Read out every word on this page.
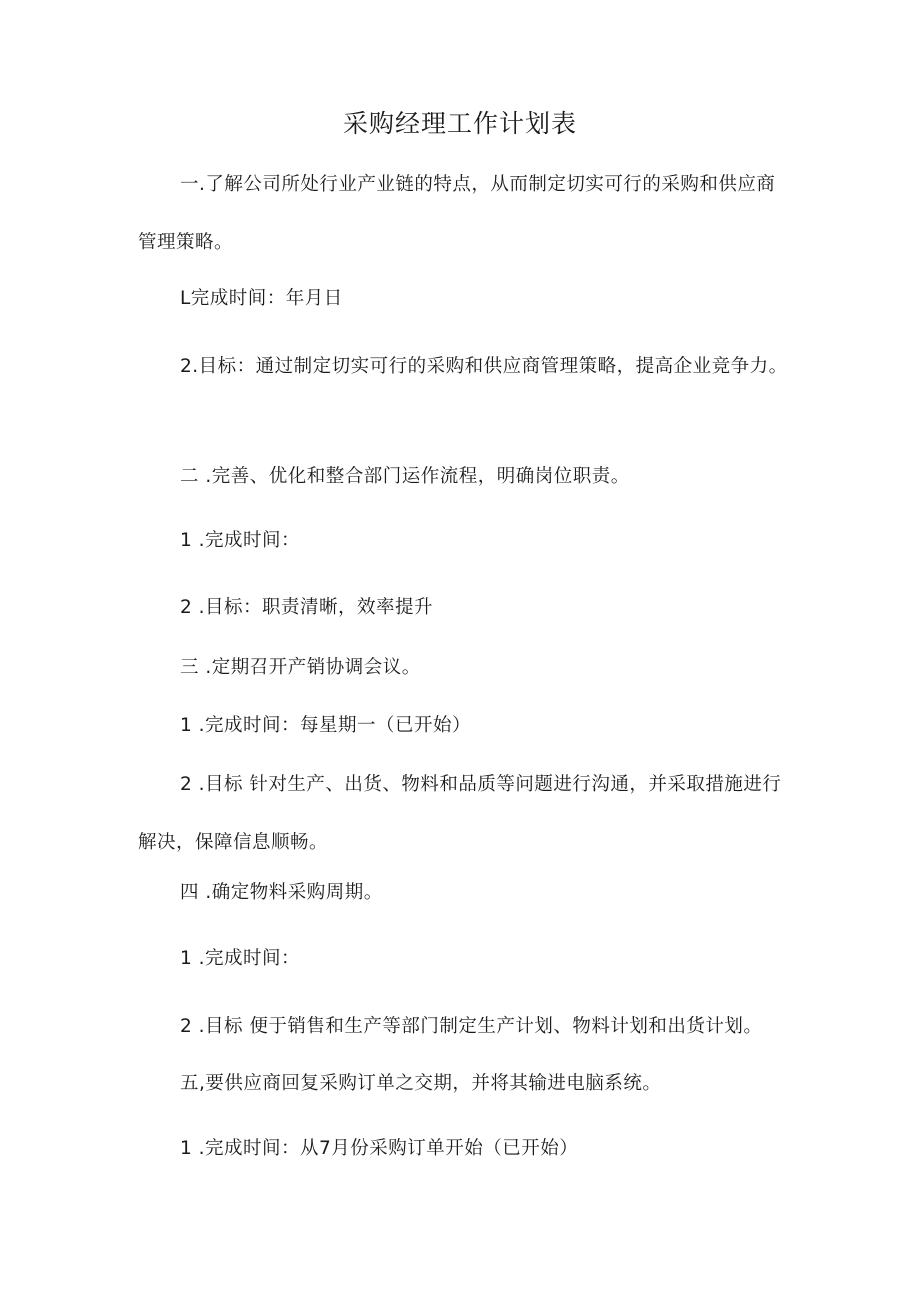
采购经理工作计划表
一.了解公司所处行业产业链的特点，从而制定切实可行的采购和供应商管理策略。
L完成时间：年月日
2.目标：通过制定切实可行的采购和供应商管理策略，提高企业竞争力。
二 .完善、优化和整合部门运作流程，明确岗位职责。
1 .完成时间：
2 .目标：职责清晰，效率提升
三 .定期召开产销协调会议。
1 .完成时间：每星期一（已开始）
2 .目标 针对生产、出货、物料和品质等问题进行沟通，并采取措施进行解决，保障信息顺畅。
四 .确定物料采购周期。
1 .完成时间：
2 .目标 便于销售和生产等部门制定生产计划、物料计划和出货计划。
五,要供应商回复采购订单之交期，并将其输进电脑系统。
1 .完成时间：从7月份采购订单开始（已开始）
